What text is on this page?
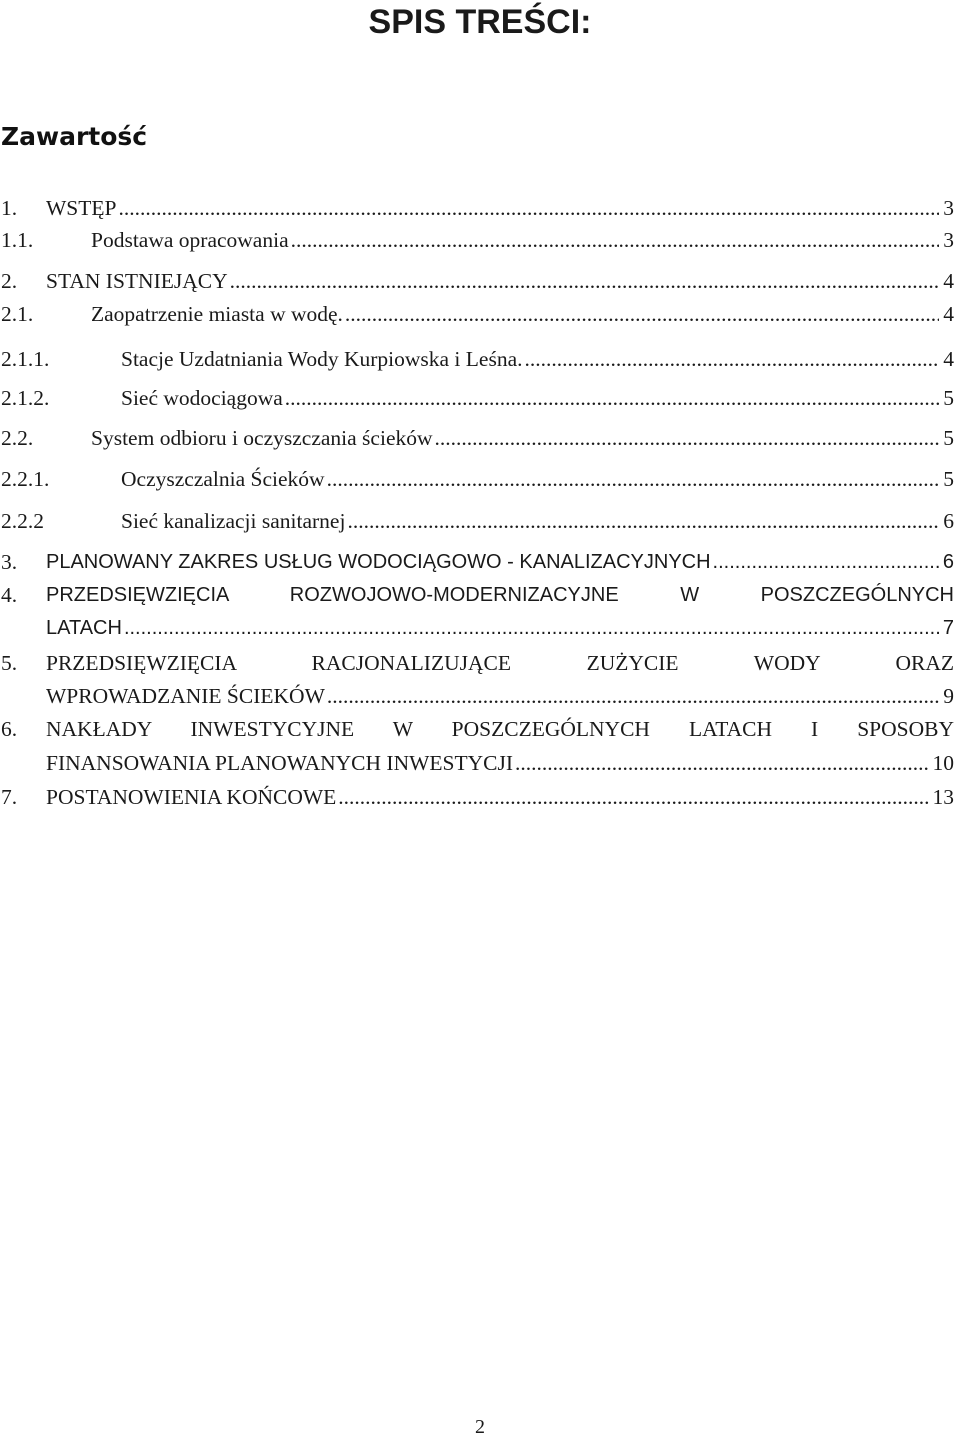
SPIS TREŚCI:
Zawartość
1. WSTĘP .....	3
1.1.	Podstawa opracowania .....	3
2. STAN ISTNIEJĄCY .....	4
2.1.	Zaopatrzenie miasta w wodę. .....	4
2.1.1.	Stacje Uzdatniania Wody Kurpiowska i Leśna. .....	4
2.1.2.	Sieć wodociągowa .....	5
2.2.	System odbioru i oczyszczania ścieków .....	5
2.2.1.	Oczyszczalnia Ścieków .....	5
2.2.2	Sieć kanalizacji sanitarnej .....	6
3. PLANOWANY ZAKRES USŁUG WODOCIĄGOWO - KANALIZACYJNYCH .....	6
4. PRZEDSIĘWZIĘCIA ROZWOJOWO-MODERNIZACYJNE W POSZCZEGÓLNYCH
LATACH .....	7
5. PRZEDSIĘWZIĘCIA RACJONALIZUJĄCE ZUŻYCIE WODY ORAZ
WPROWADZANIE ŚCIEKÓW .....	9
6. NAKŁADY INWESTYCYJNE W POSZCZEGÓLNYCH LATACH I SPOSOBY
FINANSOWANIA PLANOWANYCH INWESTYCJI .....	10
7. POSTANOWIENIA KOŃCOWE .....	13

2
